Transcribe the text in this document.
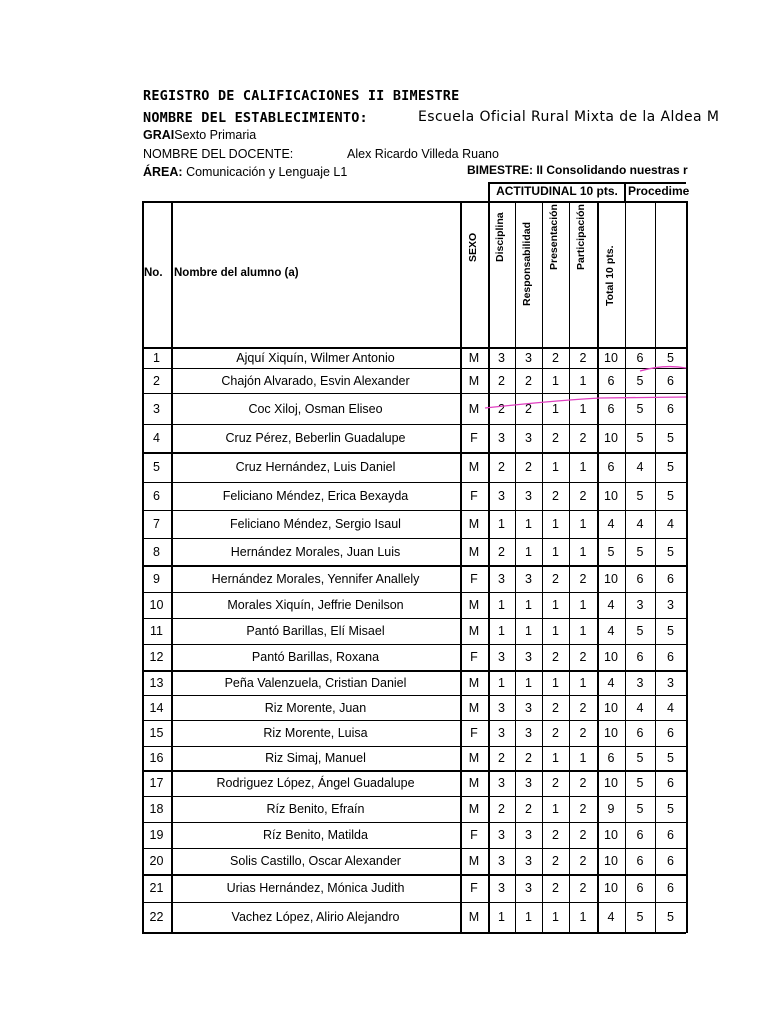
REGISTRO DE CALIFICACIONES II BIMESTRE
NOMBRE DEL ESTABLECIMIENTO:	Escuela Oficial Rural Mixta de la Aldea M
GRAISexto Primaria
NOMBRE DEL DOCENTE:	Alex Ricardo Villeda Ruano
ÁREA: Comunicación y Lenguaje L1	BIMESTRE: II Consolidando nuestras r
ACTITUDINAL 10 pts. Procedime
No. Nombre del alumno (a)
SEXO Disciplina Responsabilidad Presentación Participación
Total 10 pts.
1	Ajquí Xiquín, Wilmer Antonio	M	3	3	2	2	10	6	5
2	Chajón Alvarado, Esvin Alexander	M	2	2	1	1	6	5	6
3	Coc Xiloj, Osman Eliseo	M	2	2	1	1	6	5	6
4	Cruz Pérez, Beberlin Guadalupe	F	3	3	2	2	10	5	5
5	Cruz Hernández, Luis Daniel	M	2	2	1	1	6	4	5
6	Feliciano Méndez, Erica Bexayda	F	3	3	2	2	10	5	5
7	Feliciano Méndez, Sergio Isaul	M	1	1	1	1	4	4	4
8	Hernández Morales, Juan Luis	M	2	1	1	1	5	5	5
9	Hernández Morales, Yennifer Anallely	F	3	3	2	2	10	6	6
10	Morales Xiquín, Jeffrie Denilson	M	1	1	1	1	4	3	3
11	Pantó Barillas, Elí Misael	M	1	1	1	1	4	5	5
12	Pantó Barillas, Roxana	F	3	3	2	2	10	6	6
13	Peña Valenzuela, Cristian Daniel	M	1	1	1	1	4	3	3
14	Riz Morente, Juan	M	3	3	2	2	10	4	4
15	Riz Morente, Luisa	F	3	3	2	2	10	6	6
16	Riz Simaj, Manuel	M	2	2	1	1	6	5	5
17	Rodriguez López, Ángel Guadalupe	M	3	3	2	2	10	5	6
18	Ríz Benito, Efraín	M	2	2	1	2	9	5	5
19	Ríz Benito, Matilda	F	3	3	2	2	10	6	6
20	Solis Castillo, Oscar Alexander	M	3	3	2	2	10	6	6
21	Urias Hernández, Mónica Judith	F	3	3	2	2	10	6	6
22	Vachez López, Alirio Alejandro	M	1	1	1	1	4	5	5
